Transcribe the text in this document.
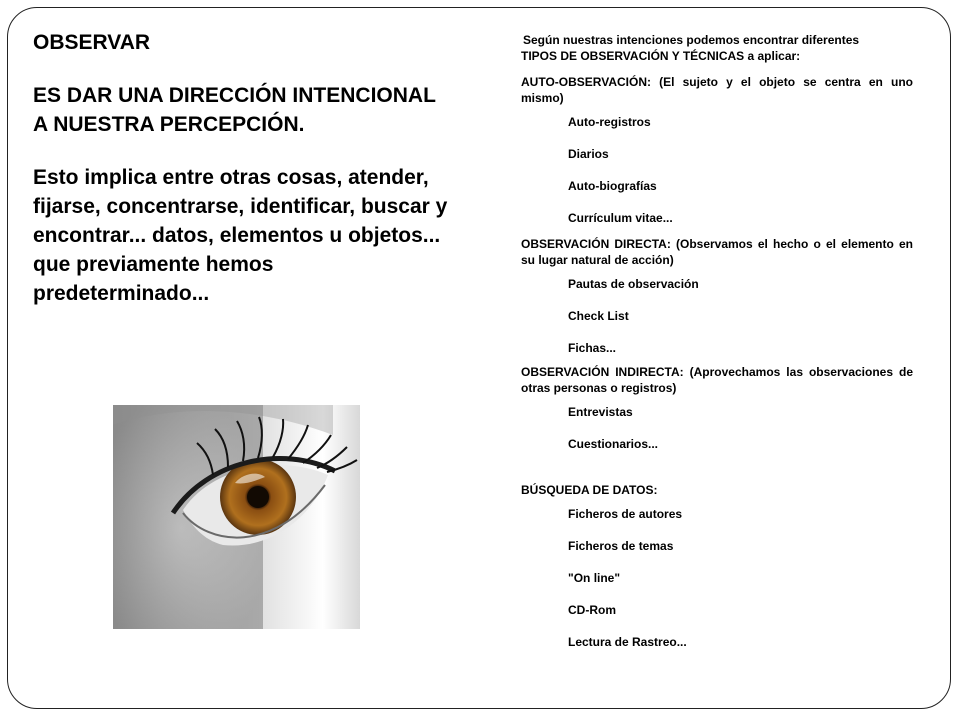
OBSERVAR

ES DAR UNA DIRECCIÓN INTENCIONAL A NUESTRA PERCEPCIÓN.

Esto implica entre otras cosas, atender, fijarse, concentrarse, identificar, buscar y encontrar... datos, elementos u objetos... que previamente hemos predeterminado...

Según nuestras intenciones podemos encontrar diferentes
TIPOS DE OBSERVACIÓN Y TÉCNICAS a aplicar:

AUTO-OBSERVACIÓN: (El sujeto y el objeto se centra en uno mismo)

Auto-registros
Diarios
Auto-biografías
Currículum vitae...

OBSERVACIÓN DIRECTA: (Observamos el hecho o el elemento en su lugar natural de acción)

Pautas de observación
Check List
Fichas...

OBSERVACIÓN INDIRECTA: (Aprovechamos las observaciones de otras personas o registros)

Entrevistas
Cuestionarios...

BÚSQUEDA DE DATOS:

Ficheros de autores
Ficheros de temas
"On line"
CD-Rom
Lectura de Rastreo...
